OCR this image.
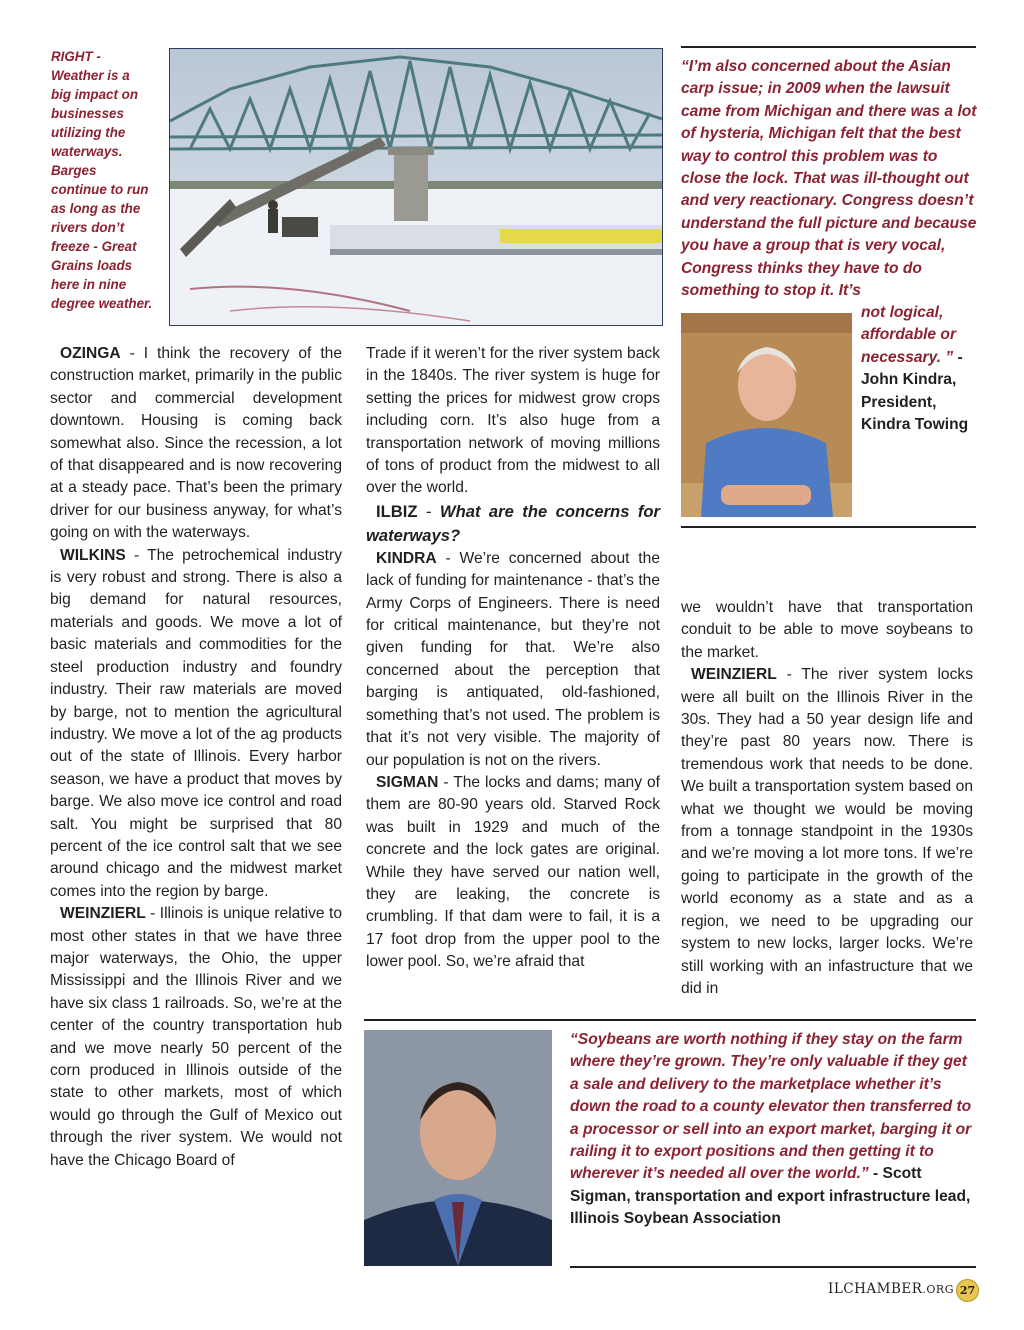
RIGHT - Weather is a big impact on businesses utilizing the waterways. Barges continue to run as long as the rivers don’t freeze - Great Grains loads here in nine degree weather.

OZINGA - I think the recovery of the construction market, primarily in the public sector and commercial development downtown. Housing is coming back somewhat also. Since the recession, a lot of that disappeared and is now recovering at a steady pace. That’s been the primary driver for our business anyway, for what’s going on with the waterways.

WILKINS - The petrochemical industry is very robust and strong. There is also a big demand for natural resources, materials and goods. We move a lot of basic materials and commodities for the steel production industry and foundry industry. Their raw materials are moved by barge, not to mention the agricultural industry. We move a lot of the ag products out of the state of Illinois. Every harbor season, we have a product that moves by barge. We also move ice control and road salt. You might be surprised that 80 percent of the ice control salt that we see around chicago and the midwest market comes into the region by barge.

WEINZIERL - Illinois is unique relative to most other states in that we have three major waterways, the Ohio, the upper Mississippi and the Illinois River and we have six class 1 railroads. So, we’re at the center of the country transportation hub and we move nearly 50 percent of the corn produced in Illinois outside of the state to other markets, most of which would go through the Gulf of Mexico out through the river system. We would not have the Chicago Board of

Trade if it weren’t for the river system back in the 1840s. The river system is huge for setting the prices for midwest grow crops including corn. It’s also huge from a transportation network of moving millions of tons of product from the midwest to all over the world.

ILBIZ - What are the concerns for waterways?

KINDRA - We’re concerned about the lack of funding for maintenance - that’s the Army Corps of Engineers. There is need for critical maintenance, but they’re not given funding for that. We’re also concerned about the perception that barging is antiquated, old-fashioned, something that’s not used. The problem is that it’s not very visible. The majority of our population is not on the rivers.

SIGMAN - The locks and dams; many of them are 80-90 years old. Starved Rock was built in 1929 and much of the concrete and the lock gates are original. While they have served our nation well, they are leaking, the concrete is crumbling. If that dam were to fail, it is a 17 foot drop from the upper pool to the lower pool. So, we’re afraid that

“I’m also concerned about the Asian carp issue; in 2009 when the lawsuit came from Michigan and there was a lot of hysteria, Michigan felt that the best way to control this problem was to close the lock. That was ill-thought out and very reactionary. Congress doesn’t understand the full picture and because you have a group that is very vocal, Congress thinks they have to do something to stop it. It’s

not logical, affordable or necessary. ” - John Kindra, President, Kindra Towing

we wouldn’t have that transportation conduit to be able to move soybeans to the market.

WEINZIERL - The river system locks were all built on the Illinois River in the 30s. They had a 50 year design life and they’re past 80 years now. There is tremendous work that needs to be done. We built a transportation system based on what we thought we would be moving from a tonnage standpoint in the 1930s and we’re moving a lot more tons. If we’re going to participate in the growth of the world economy as a state and as a region, we need to be upgrading our system to new locks, larger locks. We’re still working with an infastructure that we did in

“Soybeans are worth nothing if they stay on the farm where they’re grown. They’re only valuable if they get a sale and delivery to the marketplace whether it’s down the road to a county elevator then transferred to a processor or sell into an export market, barging it or railing it to export positions and then getting it to wherever it’s needed all over the world.” - Scott Sigman, transportation and export infrastructure lead, Illinois Soybean Association

ILCHAMBER.ORG 27
